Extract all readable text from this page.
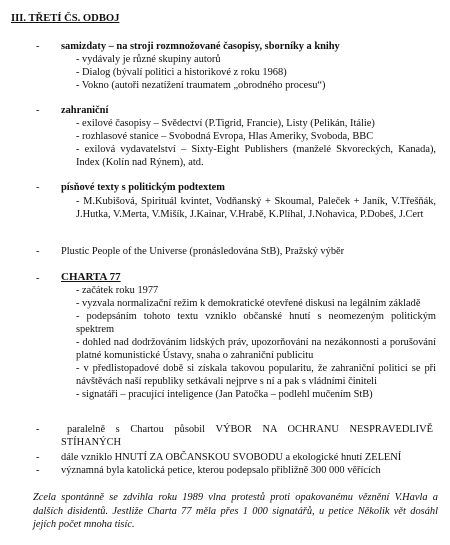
III. TŘETÍ ČS. ODBOJ
-	samizdaty – na stroji rozmnožované časopisy, sborníky a knihy
- vydávaly je různé skupiny autorů
- Dialog (bývalí politici a historikové z roku 1968)
- Vokno (autoři nezatížení traumatem „obrodného procesu“)
-	zahraniční
- exilové časopisy – Svědectví (P.Tigrid, Francie), Listy (Pelikán, Itálie)
- rozhlasové stanice – Svobodná Evropa, Hlas Ameriky, Svoboda, BBC
- exilová vydavatelství – Sixty-Eight Publishers (manželé Skvoreckých, Kanada), Index (Kolín nad Rýnem), atd.
-	písňové texty s politickým podtextem
- M.Kubišová, Spirituál kvintet, Vodňanský + Skoumal, Paleček + Janík, V.Třešňák, J.Hutka, V.Merta, V.Mišík, J.Kainar, V.Hrabě, K.Plíhal, J.Nohavica, P.Dobeš, J.Cert
-	Plustic People of the Universe (pronásledována StB), Pražský výběr
-	CHARTA 77
- začátek roku 1977
- vyzvala normalizační režim k demokratické otevřené diskusi na legálním základě
- podepsáním tohoto textu vzniklo občanské hnutí s neomezeným politickým spektrem
- dohled nad dodržováním lidských práv, upozorňování na nezákonnosti a porušování platné komunistické Ústavy, snaha o zahraniční publicitu
- v předlistopadové době si získala takovou popularitu, že zahraniční politici se při návštěvách naší republiky setkávali nejprve s ní a pak s vládními činiteli
- signatáři – pracující inteligence (Jan Patočka – podlehl mučením StB)
-	paralelně s Chartou působil VÝBOR NA OCHRANU NESPRAVEDLIVĚ STÍHANÝCH
-	dále vzniklo HNUTÍ ZA OBČANSKOU SVOBODU a ekologické hnutí ZELENÍ
-	významná byla katolická petice, kterou podepsalo přibližně 300 000 věřících
Zcela spontánně se zdvihla roku 1989 vlna protestů proti opakovanému věznění V.Havla a dalších disidentů. Jestliže Charta 77 měla přes 1 000 signatářů, u petice Několik vět dosáhl jejích počet mnoha tisíc.
